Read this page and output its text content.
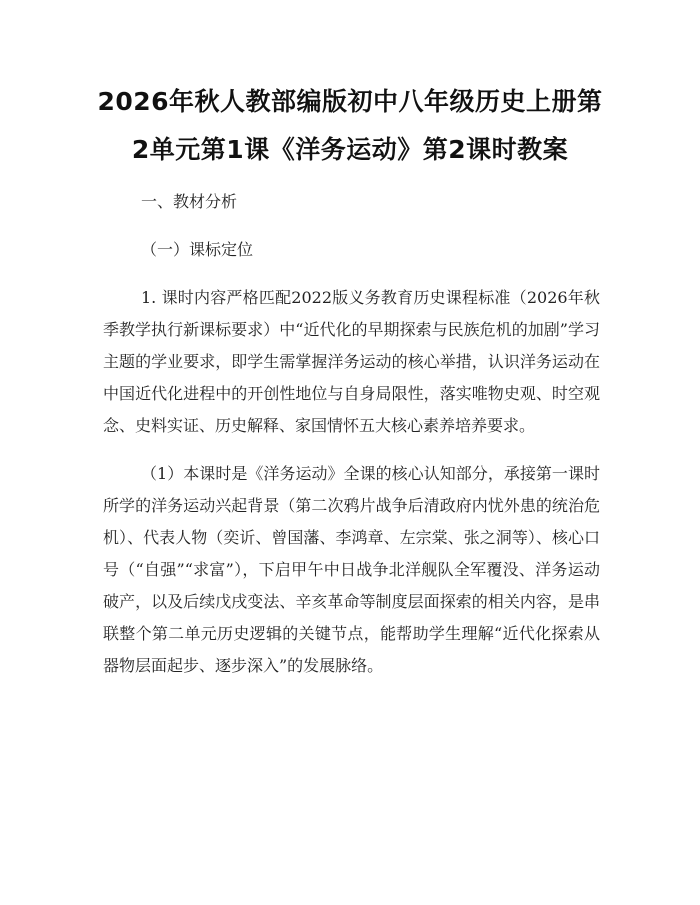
2026年秋人教部编版初中八年级历史上册第
2单元第1课《洋务运动》第2课时教案

一、教材分析

（一）课标定位

1. 课时内容严格匹配2022版义务教育历史课程标准（2026年秋季教学执行新课标要求）中“近代化的早期探索与民族危机的加剧”学习主题的学业要求，即学生需掌握洋务运动的核心举措，认识洋务运动在中国近代化进程中的开创性地位与自身局限性，落实唯物史观、时空观念、史料实证、历史解释、家国情怀五大核心素养培养要求。

（1）本课时是《洋务运动》全课的核心认知部分，承接第一课时所学的洋务运动兴起背景（第二次鸦片战争后清政府内忧外患的统治危机）、代表人物（奕䜣、曾国藩、李鸿章、左宗棠、张之洞等）、核心口号（“自强”“求富”），下启甲午中日战争北洋舰队全军覆没、洋务运动破产，以及后续戊戌变法、辛亥革命等制度层面探索的相关内容，是串联整个第二单元历史逻辑的关键节点，能帮助学生理解“近代化探索从器物层面起步、逐步深入”的发展脉络。
